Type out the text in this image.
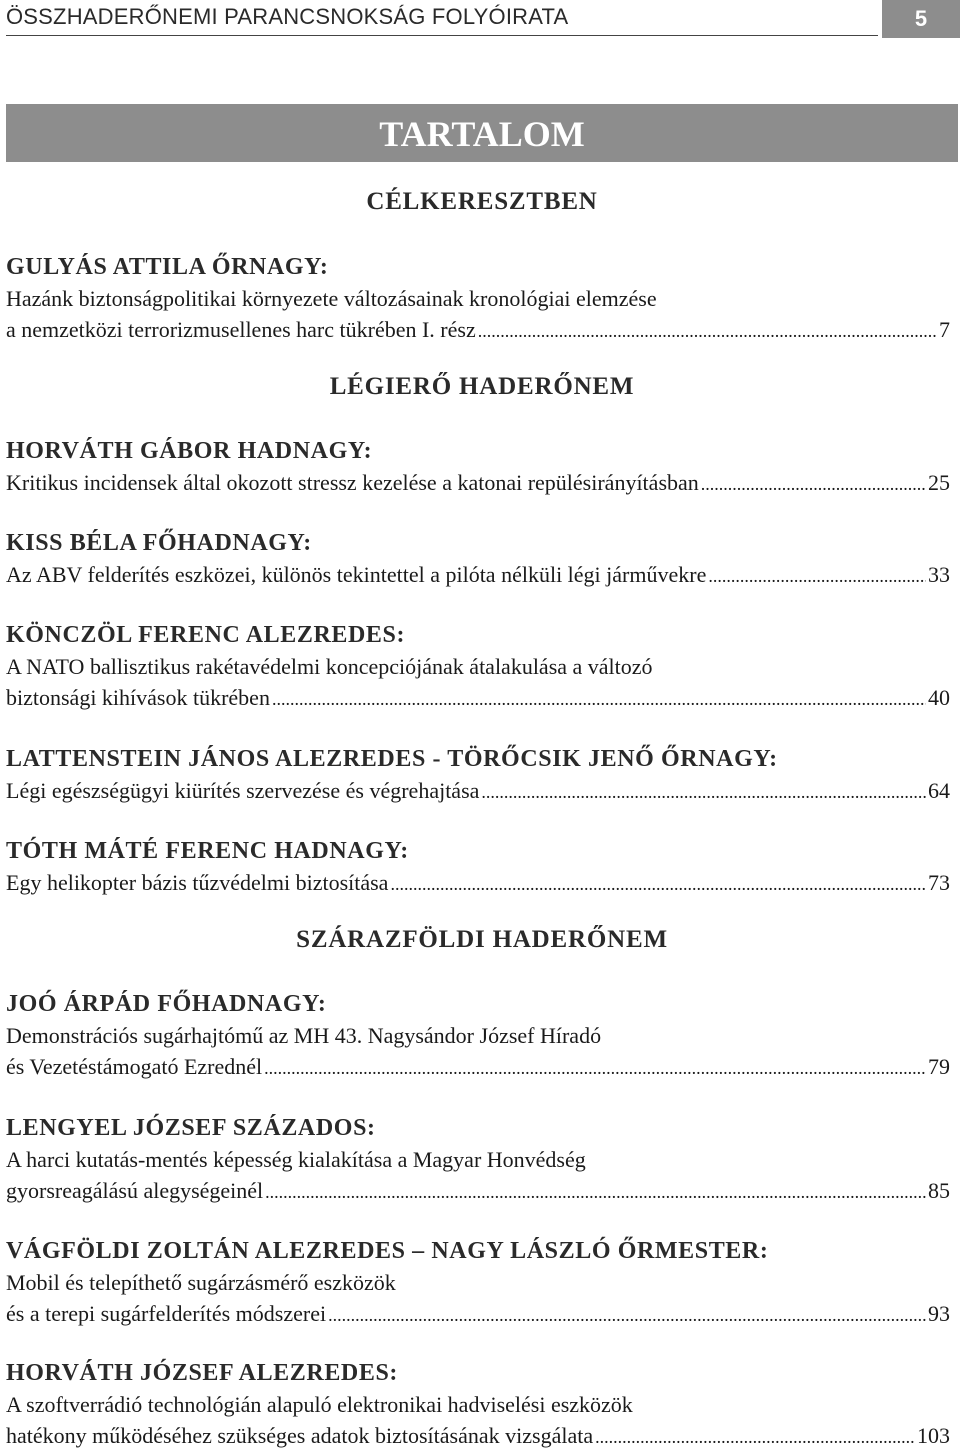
ÖSSZHADERŐNEMI PARANCSNOKSÁG FOLYÓIRATA	5
TARTALOM
CÉLKERESZTBEN
GULYÁS ATTILA ŐRNAGY:
Hazánk biztonságpolitikai környezete változásainak kronológiai elemzése
a nemzetközi terrorizmusellenes harc tükrében I. rész .....	7
LÉGIERŐ HADERŐNEM
HORVÁTH GÁBOR HADNAGY:
Kritikus incidensek által okozott stressz kezelése a katonai repülésirányításban .....	25
KISS BÉLA FŐHADNAGY:
Az ABV felderítés eszközei, különös tekintettel a pilóta nélküli légi járművekre .....	33
KÖNCZÖL FERENC ALEZREDES:
A NATO ballisztikus rakétavédelmi koncepciójának átalakulása a változó
biztonsági kihívások tükrében .....	40
LATTENSTEIN JÁNOS ALEZREDES - TÖRŐCSIK JENŐ ŐRNAGY:
Légi egészségügyi kiürítés szervezése és végrehajtása .....	64
TÓTH MÁTÉ FERENC HADNAGY:
Egy helikopter bázis tűzvédelmi biztosítása .....	73
SZÁRAZFÖLDI HADERŐNEM
JOÓ ÁRPÁD FŐHADNAGY:
Demonstrációs sugárhajtómű az MH 43. Nagysándor József Híradó
és Vezetéstámogató Ezrednél .....	79
LENGYEL JÓZSEF SZÁZADOS:
A harci kutatás-mentés képesség kialakítása a Magyar Honvédség
gyorsreagálású alegységeinél .....	85
VÁGFÖLDI ZOLTÁN ALEZREDES – NAGY LÁSZLÓ ŐRMESTER:
Mobil és telepíthető sugárzásmérő eszközök
és a terepi sugárfelderítés módszerei .....	93
HORVÁTH JÓZSEF ALEZREDES:
A szoftverrádió technológián alapuló elektronikai hadviselési eszközök
hatékony működéséhez szükséges adatok biztosításának vizsgálata .....	103
